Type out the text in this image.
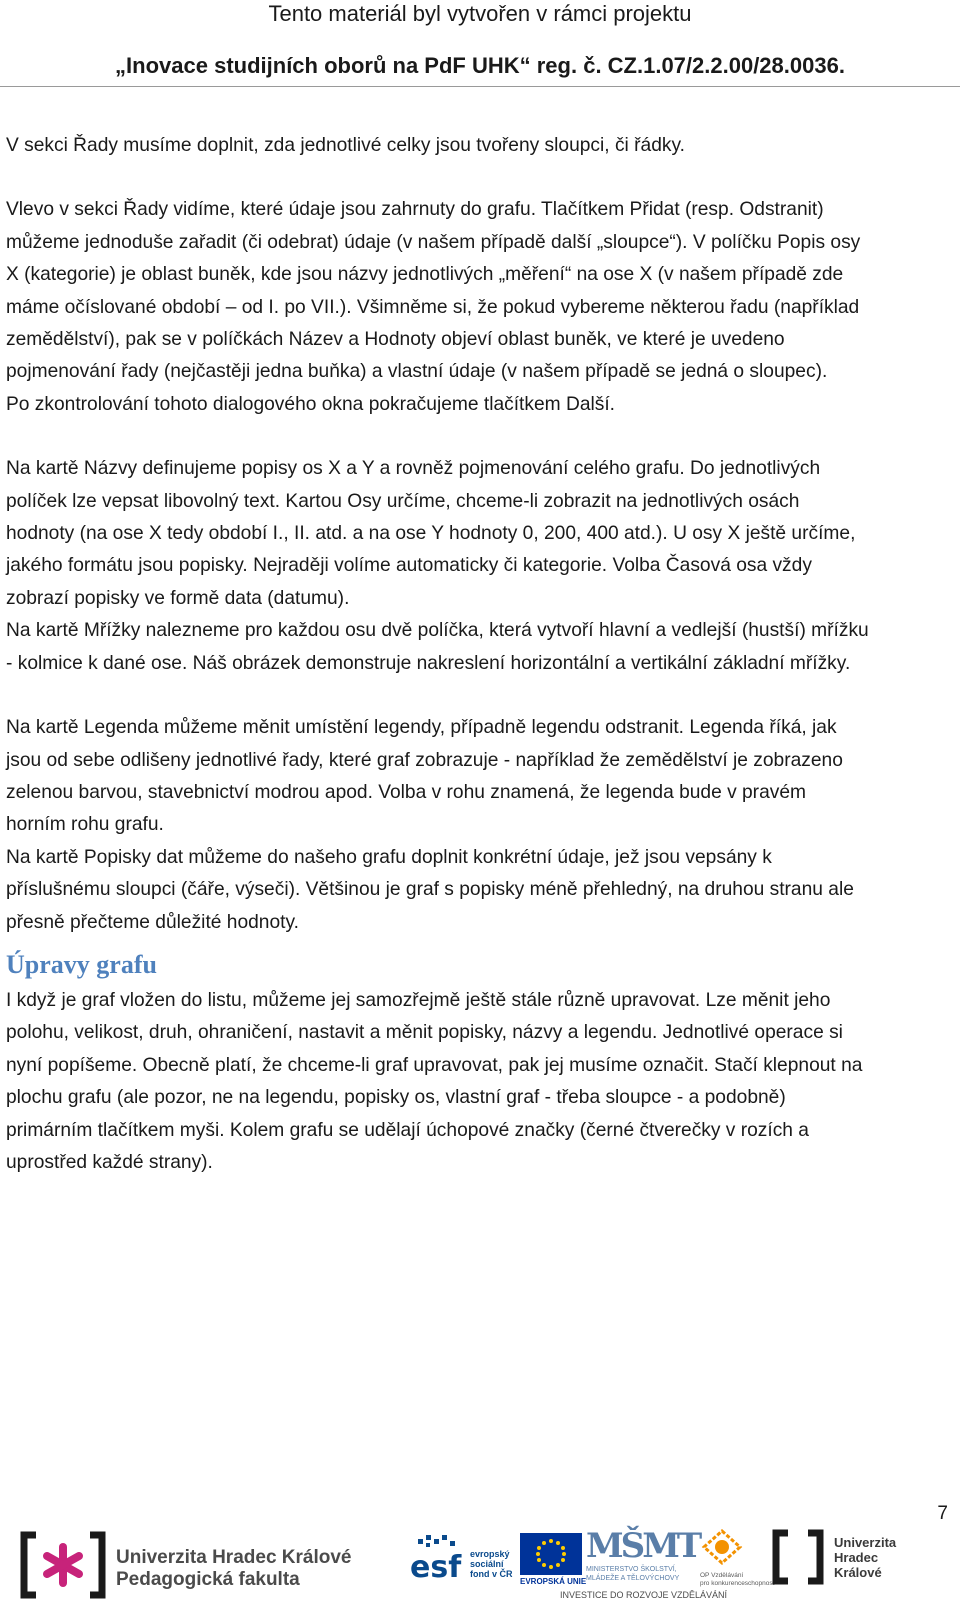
Tento materiál byl vytvořen v rámci projektu
„Inovace studijních oborů na PdF UHK“ reg. č. CZ.1.07/2.2.00/28.0036.

V sekci Řady musíme doplnit, zda jednotlivé celky jsou tvořeny sloupci, či řádky.

Vlevo v sekci Řady vidíme, které údaje jsou zahrnuty do grafu. Tlačítkem Přidat (resp. Odstranit)
můžeme jednoduše zařadit (či odebrat) údaje (v našem případě další „sloupce“). V políčku Popis osy
X (kategorie) je oblast buněk, kde jsou názvy jednotlivých „měření“ na ose X (v našem případě zde
máme očíslované období – od I. po VII.). Všimněme si, že pokud vybereme některou řadu (například
zemědělství), pak se v políčkách Název a Hodnoty objeví oblast buněk, ve které je uvedeno
pojmenování řady (nejčastěji jedna buňka) a vlastní údaje (v našem případě se jedná o sloupec).
Po zkontrolování tohoto dialogového okna pokračujeme tlačítkem Další.

Na kartě Názvy definujeme popisy os X a Y a rovněž pojmenování celého grafu. Do jednotlivých
políček lze vepsat libovolný text. Kartou Osy určíme, chceme-li zobrazit na jednotlivých osách
hodnoty (na ose X tedy období I., II. atd. a na ose Y hodnoty 0, 200, 400 atd.). U osy X ještě určíme,
jakého formátu jsou popisky. Nejraději volíme automaticky či kategorie. Volba Časová osa vždy
zobrazí popisky ve formě data (datumu).

Na kartě Mřížky nalezneme pro každou osu dvě políčka, která vytvoří hlavní a vedlejší (hustší) mřížku
- kolmice k dané ose. Náš obrázek demonstruje nakreslení horizontální a vertikální základní mřížky.

Na kartě Legenda můžeme měnit umístění legendy, případně legendu odstranit. Legenda říká, jak
jsou od sebe odlišeny jednotlivé řady, které graf zobrazuje - například že zemědělství je zobrazeno
zelenou barvou, stavebnictví modrou apod. Volba v rohu znamená, že legenda bude v pravém
horním rohu grafu.

Na kartě Popisky dat můžeme do našeho grafu doplnit konkrétní údaje, jež jsou vepsány k
příslušnému sloupci (čáře, výseči). Většinou je graf s popisky méně přehledný, na druhou stranu ale
přesně přečteme důležité hodnoty.

Úpravy grafu

I když je graf vložen do listu, můžeme jej samozřejmě ještě stále různě upravovat. Lze měnit jeho
polohu, velikost, druh, ohraničení, nastavit a měnit popisky, názvy a legendu. Jednotlivé operace si
nyní popíšeme. Obecně platí, že chceme-li graf upravovat, pak jej musíme označit. Stačí klepnout na
plochu grafu (ale pozor, ne na legendu, popisky os, vlastní graf - třeba sloupce - a podobně)
primárním tlačítkem myši. Kolem grafu se udělají úchopové značky (černé čtverečky v rozích a
uprostřed každé strany).

7
Univerzita Hradec Králové
Pedagogická fakulta	esf evropský
sociální
fond v ČR
EVROPSKÁ UNIE
MŠMT
MINISTERSTVO ŠKOLSTVÍ,
MLÁDEŽE A TĚLOVÝCHOVY	OP Vzdělávání
pro konkurenceschopnost
Univerzita
Hradec
Králové
INVESTICE DO ROZVOJE VZDĚLÁVÁNÍ
